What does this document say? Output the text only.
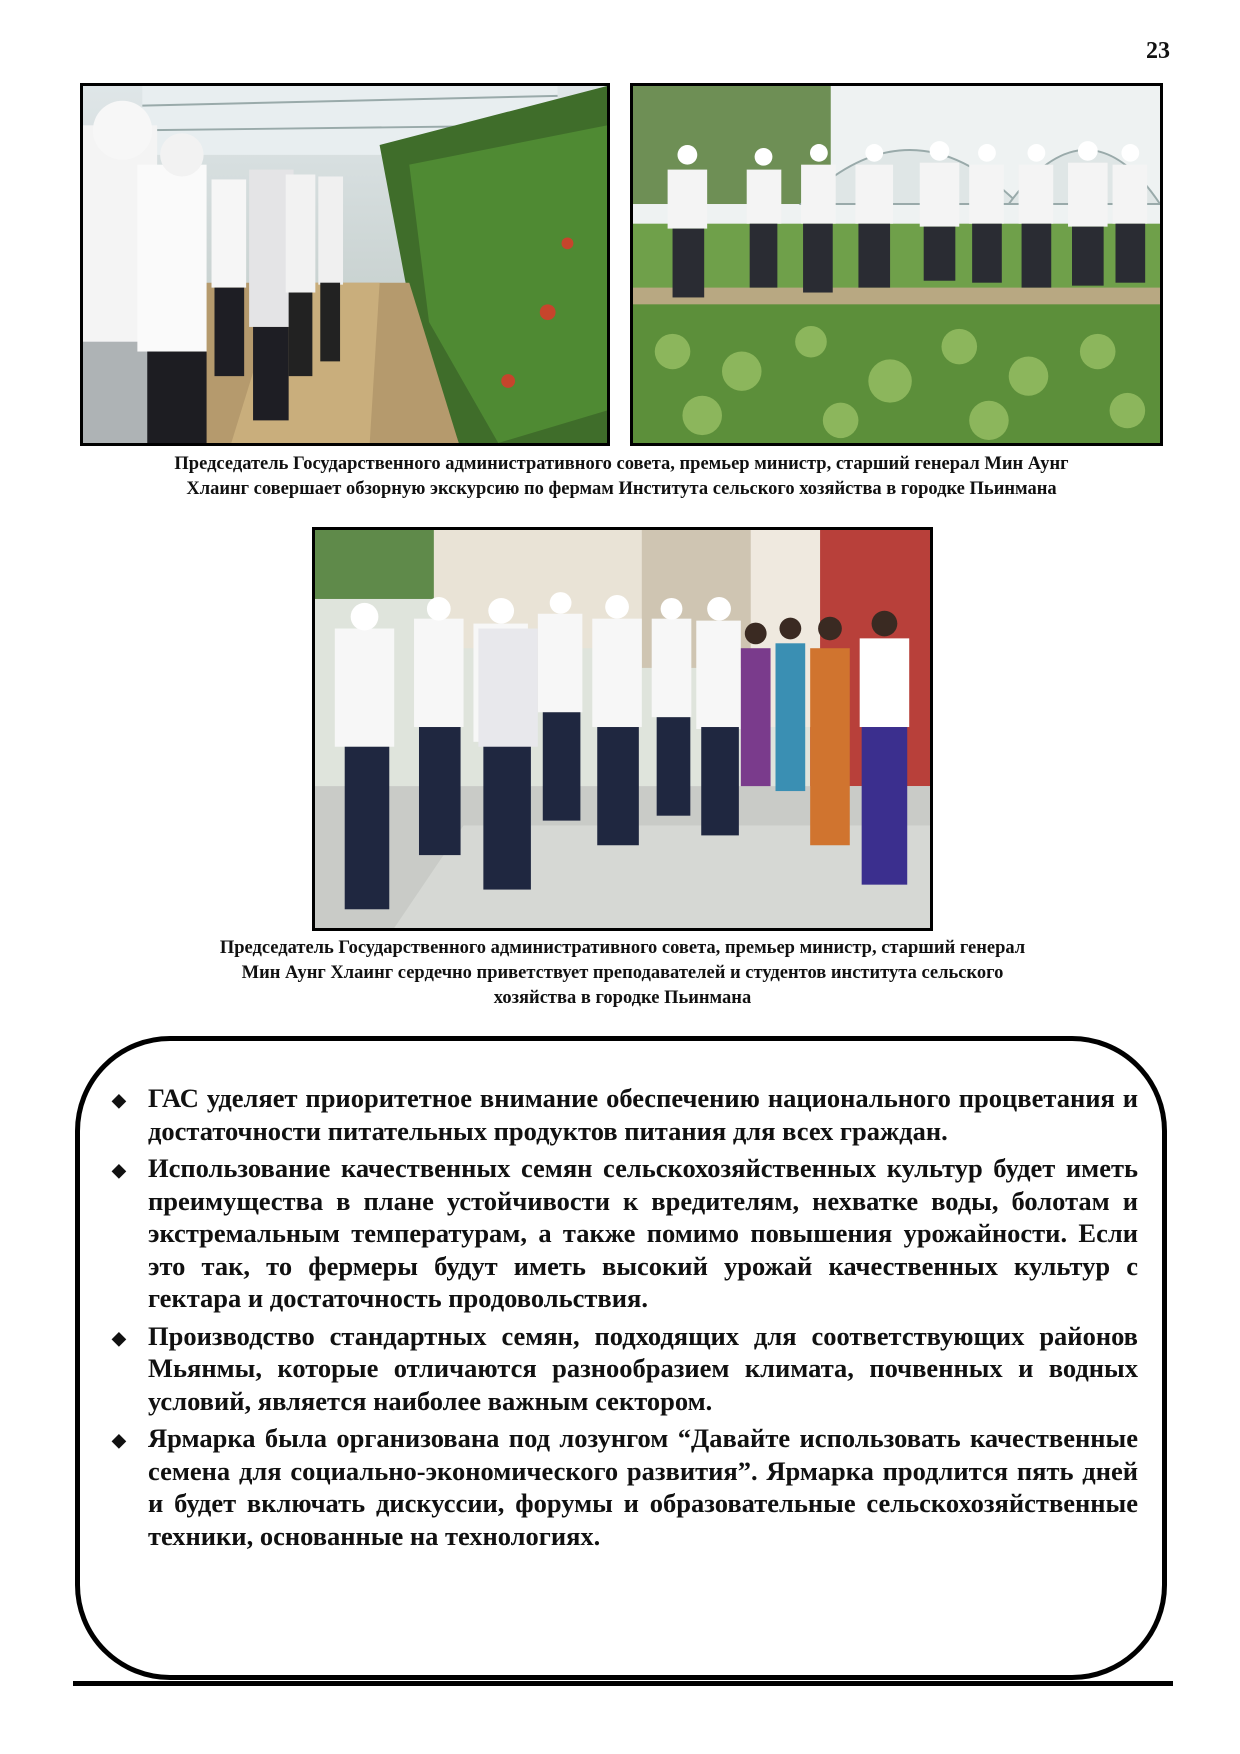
23
Председатель Государственного административного совета, премьер министр, старший генерал Мин Аунг
Хлаинг совершает обзорную экскурсию по фермам Института сельского хозяйства в городке Пьинмана
Председатель Государственного административного совета, премьер министр, старший генерал
Мин Аунг Хлаинг сердечно приветствует преподавателей и студентов института сельского
хозяйства в городке Пьинмана
◆ ГАС уделяет приоритетное внимание обеспечению национального процветания и достаточности питательных продуктов питания для всех граждан.
◆ Использование качественных семян сельскохозяйственных культур будет иметь преимущества в плане устойчивости к вредителям, нехватке воды, болотам и экстремальным температурам, а также помимо повышения урожайности. Если это так, то фермеры будут иметь высокий урожай качественных культур с гектара и достаточность продовольствия.
◆ Производство стандартных семян, подходящих для соответствующих районов Мьянмы, которые отличаются разнообразием климата, почвенных и водных условий, является наиболее важным сектором.
◆ Ярмарка была организована под лозунгом “Давайте использовать качественные семена для социально-экономического развития”. Ярмарка продлится пять дней и будет включать дискуссии, форумы и образовательные сельскохозяйственные техники, основанные на технологиях.
